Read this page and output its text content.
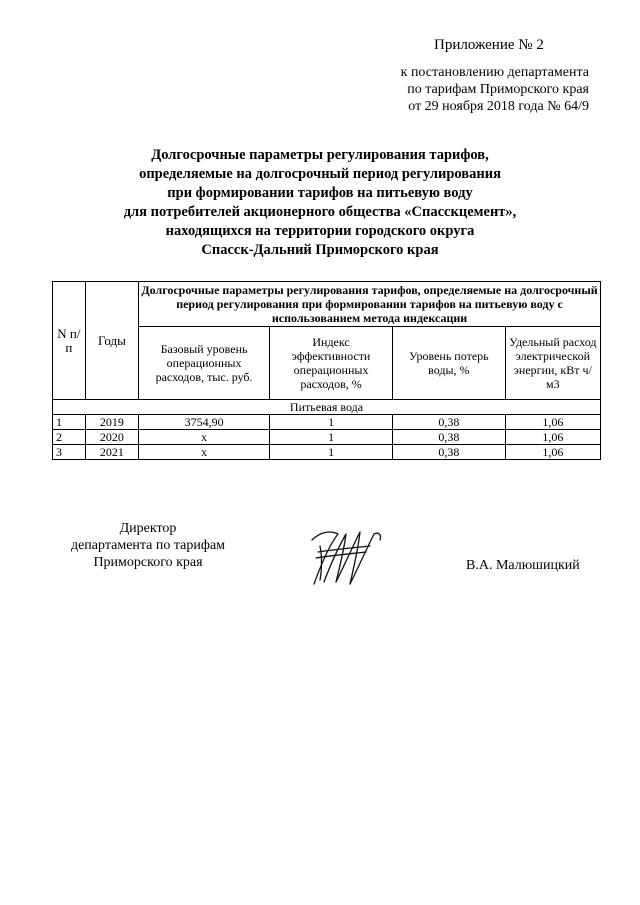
Приложение № 2
к постановлению департамента
по тарифам Приморского края
от 29 ноября 2018 года № 64/9
Долгосрочные параметры регулирования тарифов,
определяемые на долгосрочный период регулирования
при формировании тарифов на питьевую воду
для потребителей акционерного общества «Спасскцемент»,
находящихся на территории городского округа
Спасск-Дальний Приморского края
N п/п	Годы	Долгосрочные параметры регулирования тарифов, определяемые на долгосрочный период регулирования при формировании тарифов на питьевую воду с использованием метода индексации			
		Базовый уровень операционных расходов, тыс. руб.	Индекс эффективности операционных расходов, %	Уровень потерь воды, %	Удельный расход электрической энергии, кВт ч/м3
Питьевая вода					
1	2019	3754,90	1	0,38	1,06
2	2020	x	1	0,38	1,06
3	2021	x	1	0,38	1,06
Директор
департамента по тарифам
Приморского края	В.А. Малюшицкий
